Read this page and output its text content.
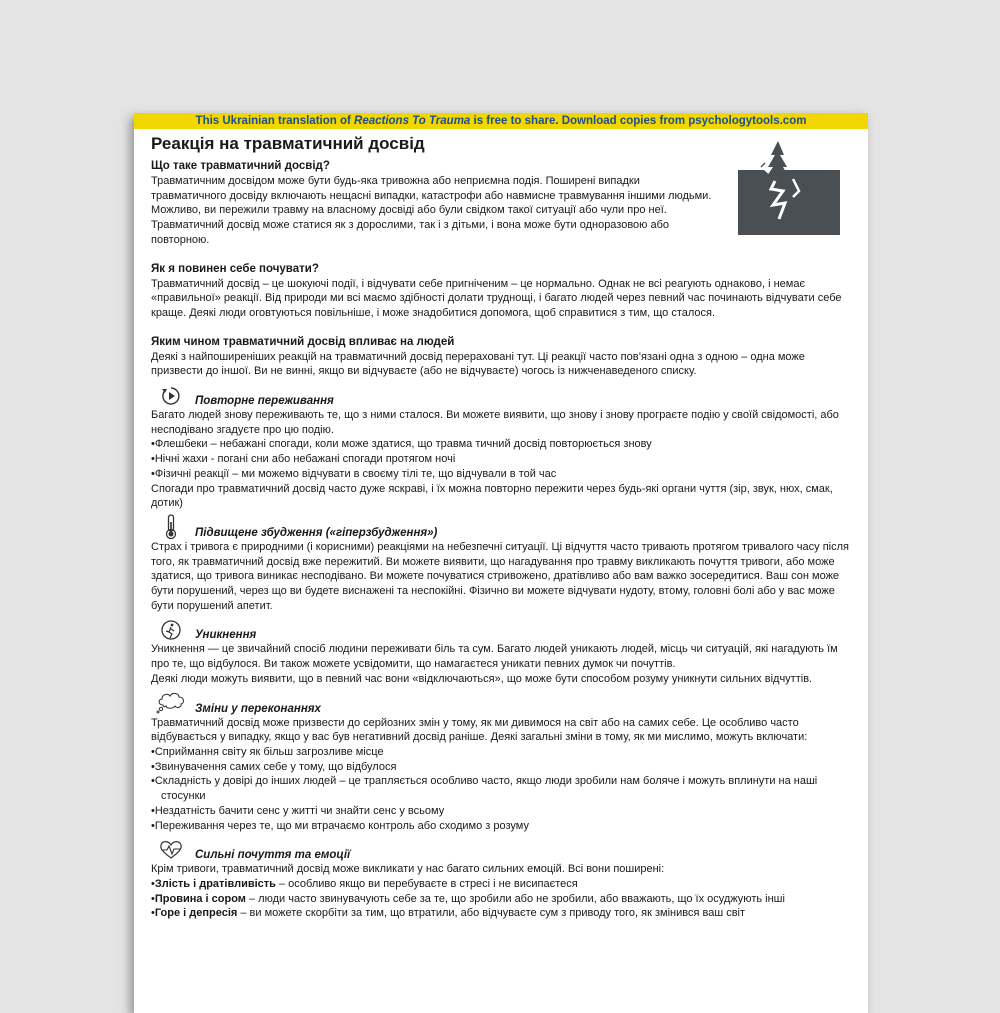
This Ukrainian translation of Reactions To Trauma is free to share. Download copies from psychologytools.com
Реакція на травматичний досвід

Що таке травматичний досвід?

Травматичним досвідом може бути будь-яка тривожна або неприємна подія. Поширені випадки травматичного досвіду включають нещасні випадки, катастрофи або навмисне травмування іншими людьми. Можливо, ви пережили травму на власному досвіді або були свідком такої ситуації або чули про неї. Травматичний досвід може статися як з дорослими, так і з дітьми, і вона може бути одноразовою або повторною.

Як я повинен себе почувати?

Травматичний досвід – це шокуючі події, і відчувати себе пригніченим – це нормально. Однак не всі реагують однаково, і немає «правильної» реакції. Від природи ми всі маємо здібності долати труднощі, і багато людей через певний час починають відчувати себе краще. Деякі люди оговтуються повільніше, і може знадобитися допомога, щоб справитися з тим, що сталося.

Яким чином травматичний досвід впливає на людей

Деякі з найпоширеніших реакцій на травматичний досвід перераховані тут. Ці реакції часто пов’язані одна з одною – одна може призвести до іншої. Ви не винні, якщо ви відчуваєте (або не відчуваєте) чогось із нижченаведеного списку.

Повторне переживання

Багато людей знову переживають те, що з ними сталося. Ви можете виявити, що знову і знову програєте подію у своїй свідомості, або несподівано згадуєте про цю подію.

• Флешбеки – небажані спогади, коли може здатися, що травма тичний досвід повторюється знову
• Нічні жахи - погані сни або небажані спогади протягом ночі
• Фізичні реакції – ми можемо відчувати в своєму тілі те, що відчували в той час

Спогади про травматичний досвід часто дуже яскраві, і їх можна повторно пережити через будь-які органи чуття (зір, звук, нюх, смак, дотик)

Підвищене збудження («гіперзбудження»)

Страх і тривога є природними (і корисними) реакціями на небезпечні ситуації. Ці відчуття часто тривають протягом тривалого часу після того, як травматичний досвід вже пережитий. Ви можете виявити, що нагадування про травму викликають почуття тривоги, або може здатися, що тривога виникає несподівано. Ви можете почуватися стривожено, дратівливо або вам важко зосередитися. Ваш сон може бути порушений, через що ви будете виснажені та неспокійні. Фізично ви можете відчувати нудоту, втому, головні болі або у вас може бути порушений апетит.

Уникнення

Уникнення — це звичайний спосіб людини переживати біль та сум. Багато людей уникають людей, місць чи ситуацій, які нагадують їм про те, що відбулося. Ви також можете усвідомити, що намагаєтеся уникати певних думок чи почуттів.

Деякі люди можуть виявити, що в певний час вони «відключаються», що може бути способом розуму уникнути сильних відчуттів.

Зміни у переконаннях

Травматичний досвід може призвести до серйозних змін у тому, як ми дивимося на світ або на самих себе. Це особливо часто відбувається у випадку, якщо у вас був негативний досвід раніше. Деякі загальні зміни в тому, як ми мислимо, можуть включати:

• Сприймання світу як більш загрозливе місце
• Звинувачення самих себе у тому, що відбулося
• Складність у довірі до інших людей – це трапляється особливо часто, якщо люди зробили нам боляче і можуть вплинути на наші стосунки
• Нездатність бачити сенс у житті чи знайти сенс у всьому
• Переживання через те, що ми втрачаємо контроль або сходимо з розуму
Сильні почуття та емоції

Крім тривоги, травматичний досвід може викликати у нас багато сильних емоцій. Всі вони поширені:

• Злість і дратівливість – особливо якщо ви перебуваєте в стресі і не висипаєтеся
• Провина і сором – люди часто звинувачують себе за те, що зробили або не зробили, або вважають, що їх осуджують інші
• Горе і депресія – ви можете скорбіти за тим, що втратили, або відчуваєте сум з приводу того, як змінився ваш світ
